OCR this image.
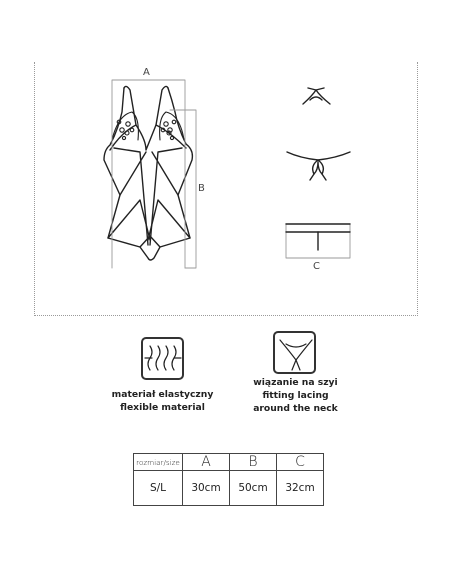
A
B
C
materiał elastyczny
flexible material
wiązanie na szyi
fitting lacing
around the neck
rozmiar/size	A	B	C
S/L	30cm	50cm	32cm
